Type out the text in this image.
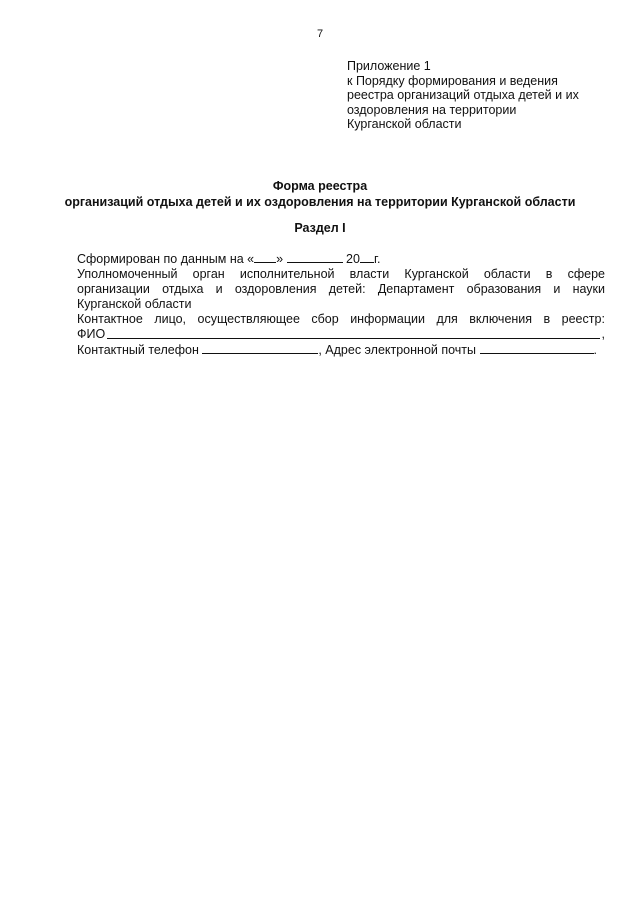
7
Приложение 1
к Порядку формирования и ведения
реестра организаций отдыха детей и их
оздоровления на территории
Курганской области
Форма реестра
организаций отдыха детей и их оздоровления на территории Курганской области
Раздел I
Сформирован по данным на « »	20 г.
Уполномоченный орган исполнительной власти Курганской области в сфере
организации отдыха и оздоровления детей: Департамент образования и науки
Курганской области
Контактное лицо, осуществляющее сбор информации для включения в реестр:
ФИО	,
Контактный телефон	, Адрес электронной почты	.
